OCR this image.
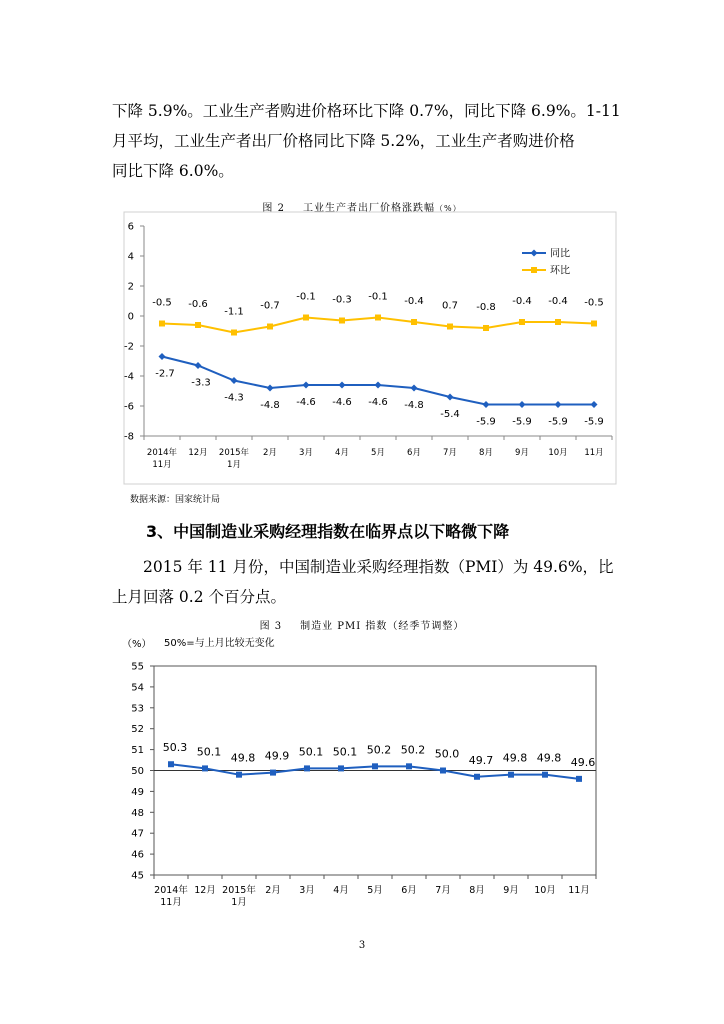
下降 5.9%。工业生产者购进价格环比下降 0.7%，同比下降 6.9%。1-11

月平均，工业生产者出厂价格同比下降 5.2%，工业生产者购进价格

同比下降 6.0%。

图 2 工业生产者出厂价格涨跌幅（%）
6
4
2
0
-2
-4
-6
-8
2014年
11月
12月 2015年
1月
2月	3月	4月	5月	6月	7月	8月	9月 10月 11月
-2.7
-3.3
-4.3
-4.8 -4.6 -4.6 -4.6 -4.8
-5.4
-5.9 -5.9 -5.9 -5.9
-0.5 -0.6
-1.1
-0.7
-0.1 -0.3 -0.1 -0.4 0.7 -0.8
-0.4 -0.4 -0.5
同比
环比
数据来源：国家统计局
3、中国制造业采购经理指数在临界点以下略微下降

2015 年 11 月份，中国制造业采购经理指数（PMI）为 49.6%，比

上月回落 0.2 个百分点。

图 3 制造业 PMI 指数（经季节调整）
（%） 50%=与上月比较无变化
55
54
53
52
51
50
49
48
47
46
45
2014年
11月
12月 2015年
1月
2月 3月 4月 5月 6月 7月 8月 9月 10月 11月
50.3 50.1 49.8 49.9 50.1 50.1 50.2 50.2 50.0 49.7 49.8 49.8 49.6
3
